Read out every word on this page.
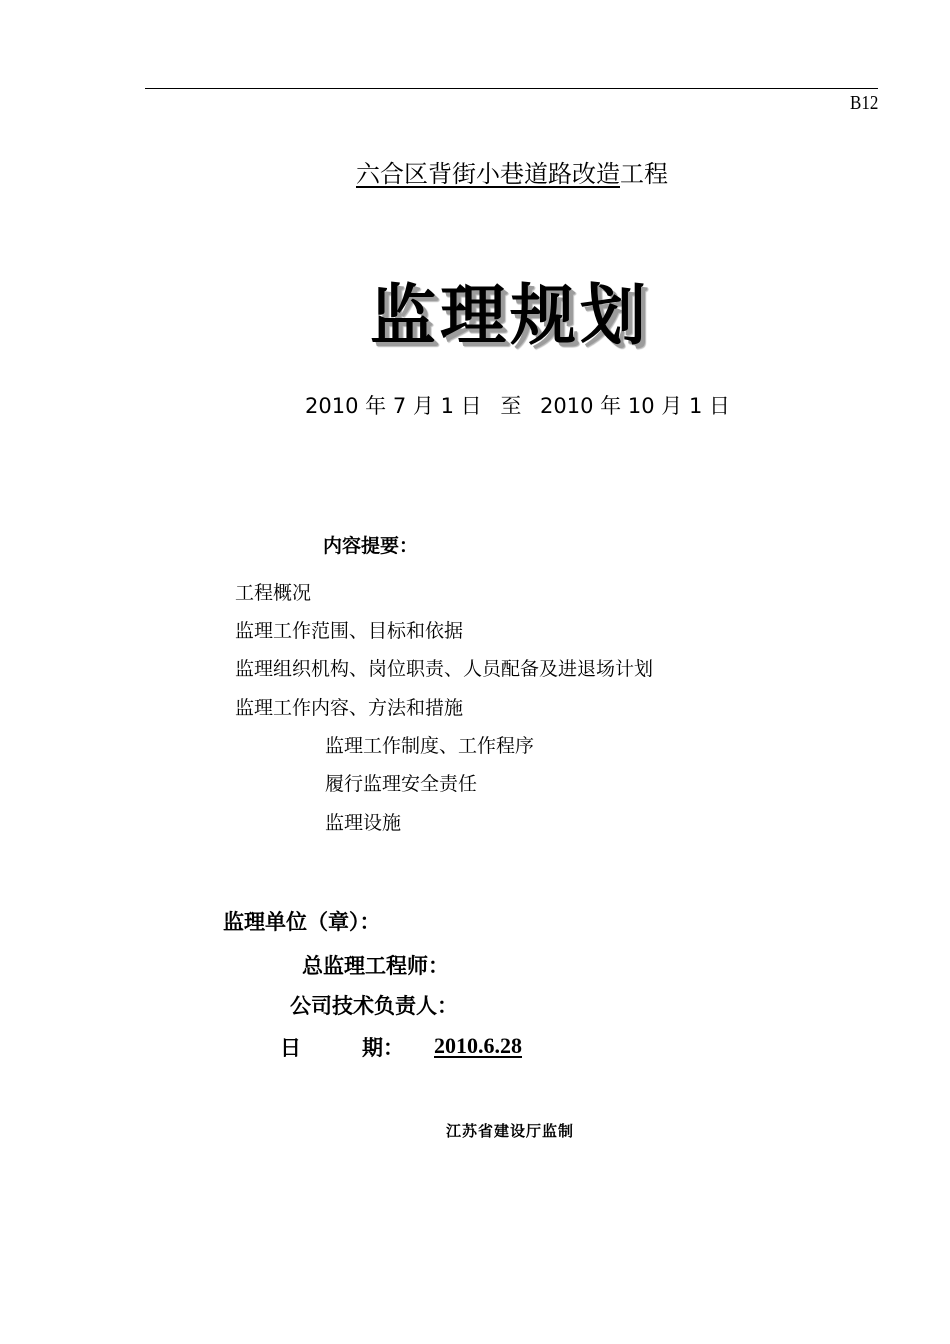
B12
六合区背街小巷道路改造工程
监理规划
2010 年 7 月 1 日 至 2010 年 10 月 1 日
内容提要：
工程概况
监理工作范围、目标和依据
监理组织机构、岗位职责、人员配备及进退场计划
监理工作内容、方法和措施
监理工作制度、工作程序
履行监理安全责任
监理设施
监理单位（章）：
总监理工程师：
公司技术负责人：
日	期：	2010.6.28
江苏省建设厅监制
